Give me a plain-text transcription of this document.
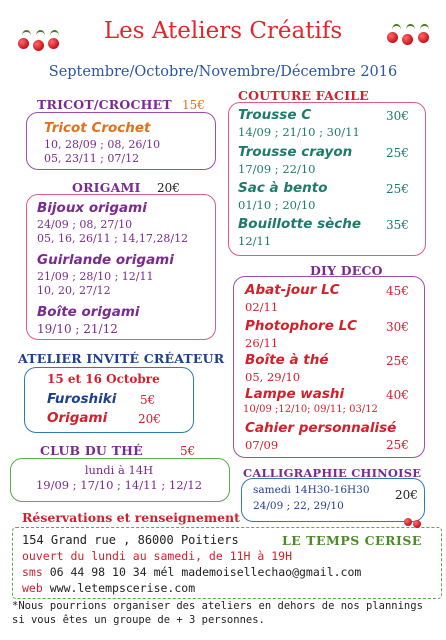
Les Ateliers Créatifs
Septembre/Octobre/Novembre/Décembre 2016
TRICOT/CROCHET 15€
Tricot Crochet
10, 28/09 ; 08, 26/10
05, 23/11 ; 07/12
ORIGAMI 20€
Bijoux origami
24/09 ; 08, 27/10
05, 16, 26/11 ; 14,17,28/12
Guirlande origami
21/09 ; 28/10 ; 12/11
10, 20, 27/12
Boîte origami
19/10 ; 21/12
COUTURE FACILE
Trousse C	30€
14/09 ; 21/10 ; 30/11
Trousse crayon	25€
17/09 ; 22/10
Sac à bento	25€
01/10 ; 20/10
Bouillotte sèche 35€
12/11
DIY DECO
Abat-jour LC	45€
02/11
Photophore LC 30€
26/11
Boîte à thé	25€
05, 29/10
Lampe washi	40€
10/09 ;12/10; 09/11; 03/12
Cahier personnalisé
07/09	25€
ATELIER INVITÉ CRÉATEUR
15 et 16 Octobre
Furoshiki 5€
Origami	20€
CLUB DU THÉ	5€
lundi à 14H
19/09 ; 17/10 ; 14/11 ; 12/12
CALLIGRAPHIE CHINOISE
samedi 14H30-16H30
24/09 ; 22, 29/10
20€
Réservations et renseignement
154 Grand rue , 86000 Poitiers
ouvert du lundi au samedi, de 11H à 19H
sms 06 44 98 10 34 mél mademoisellechao@gmail.com
web www.letempscerise.com
LE TEMPS CERISE
*Nous pourrions organiser des ateliers en dehors de nos plannings
si vous êtes un groupe de + 3 personnes.
